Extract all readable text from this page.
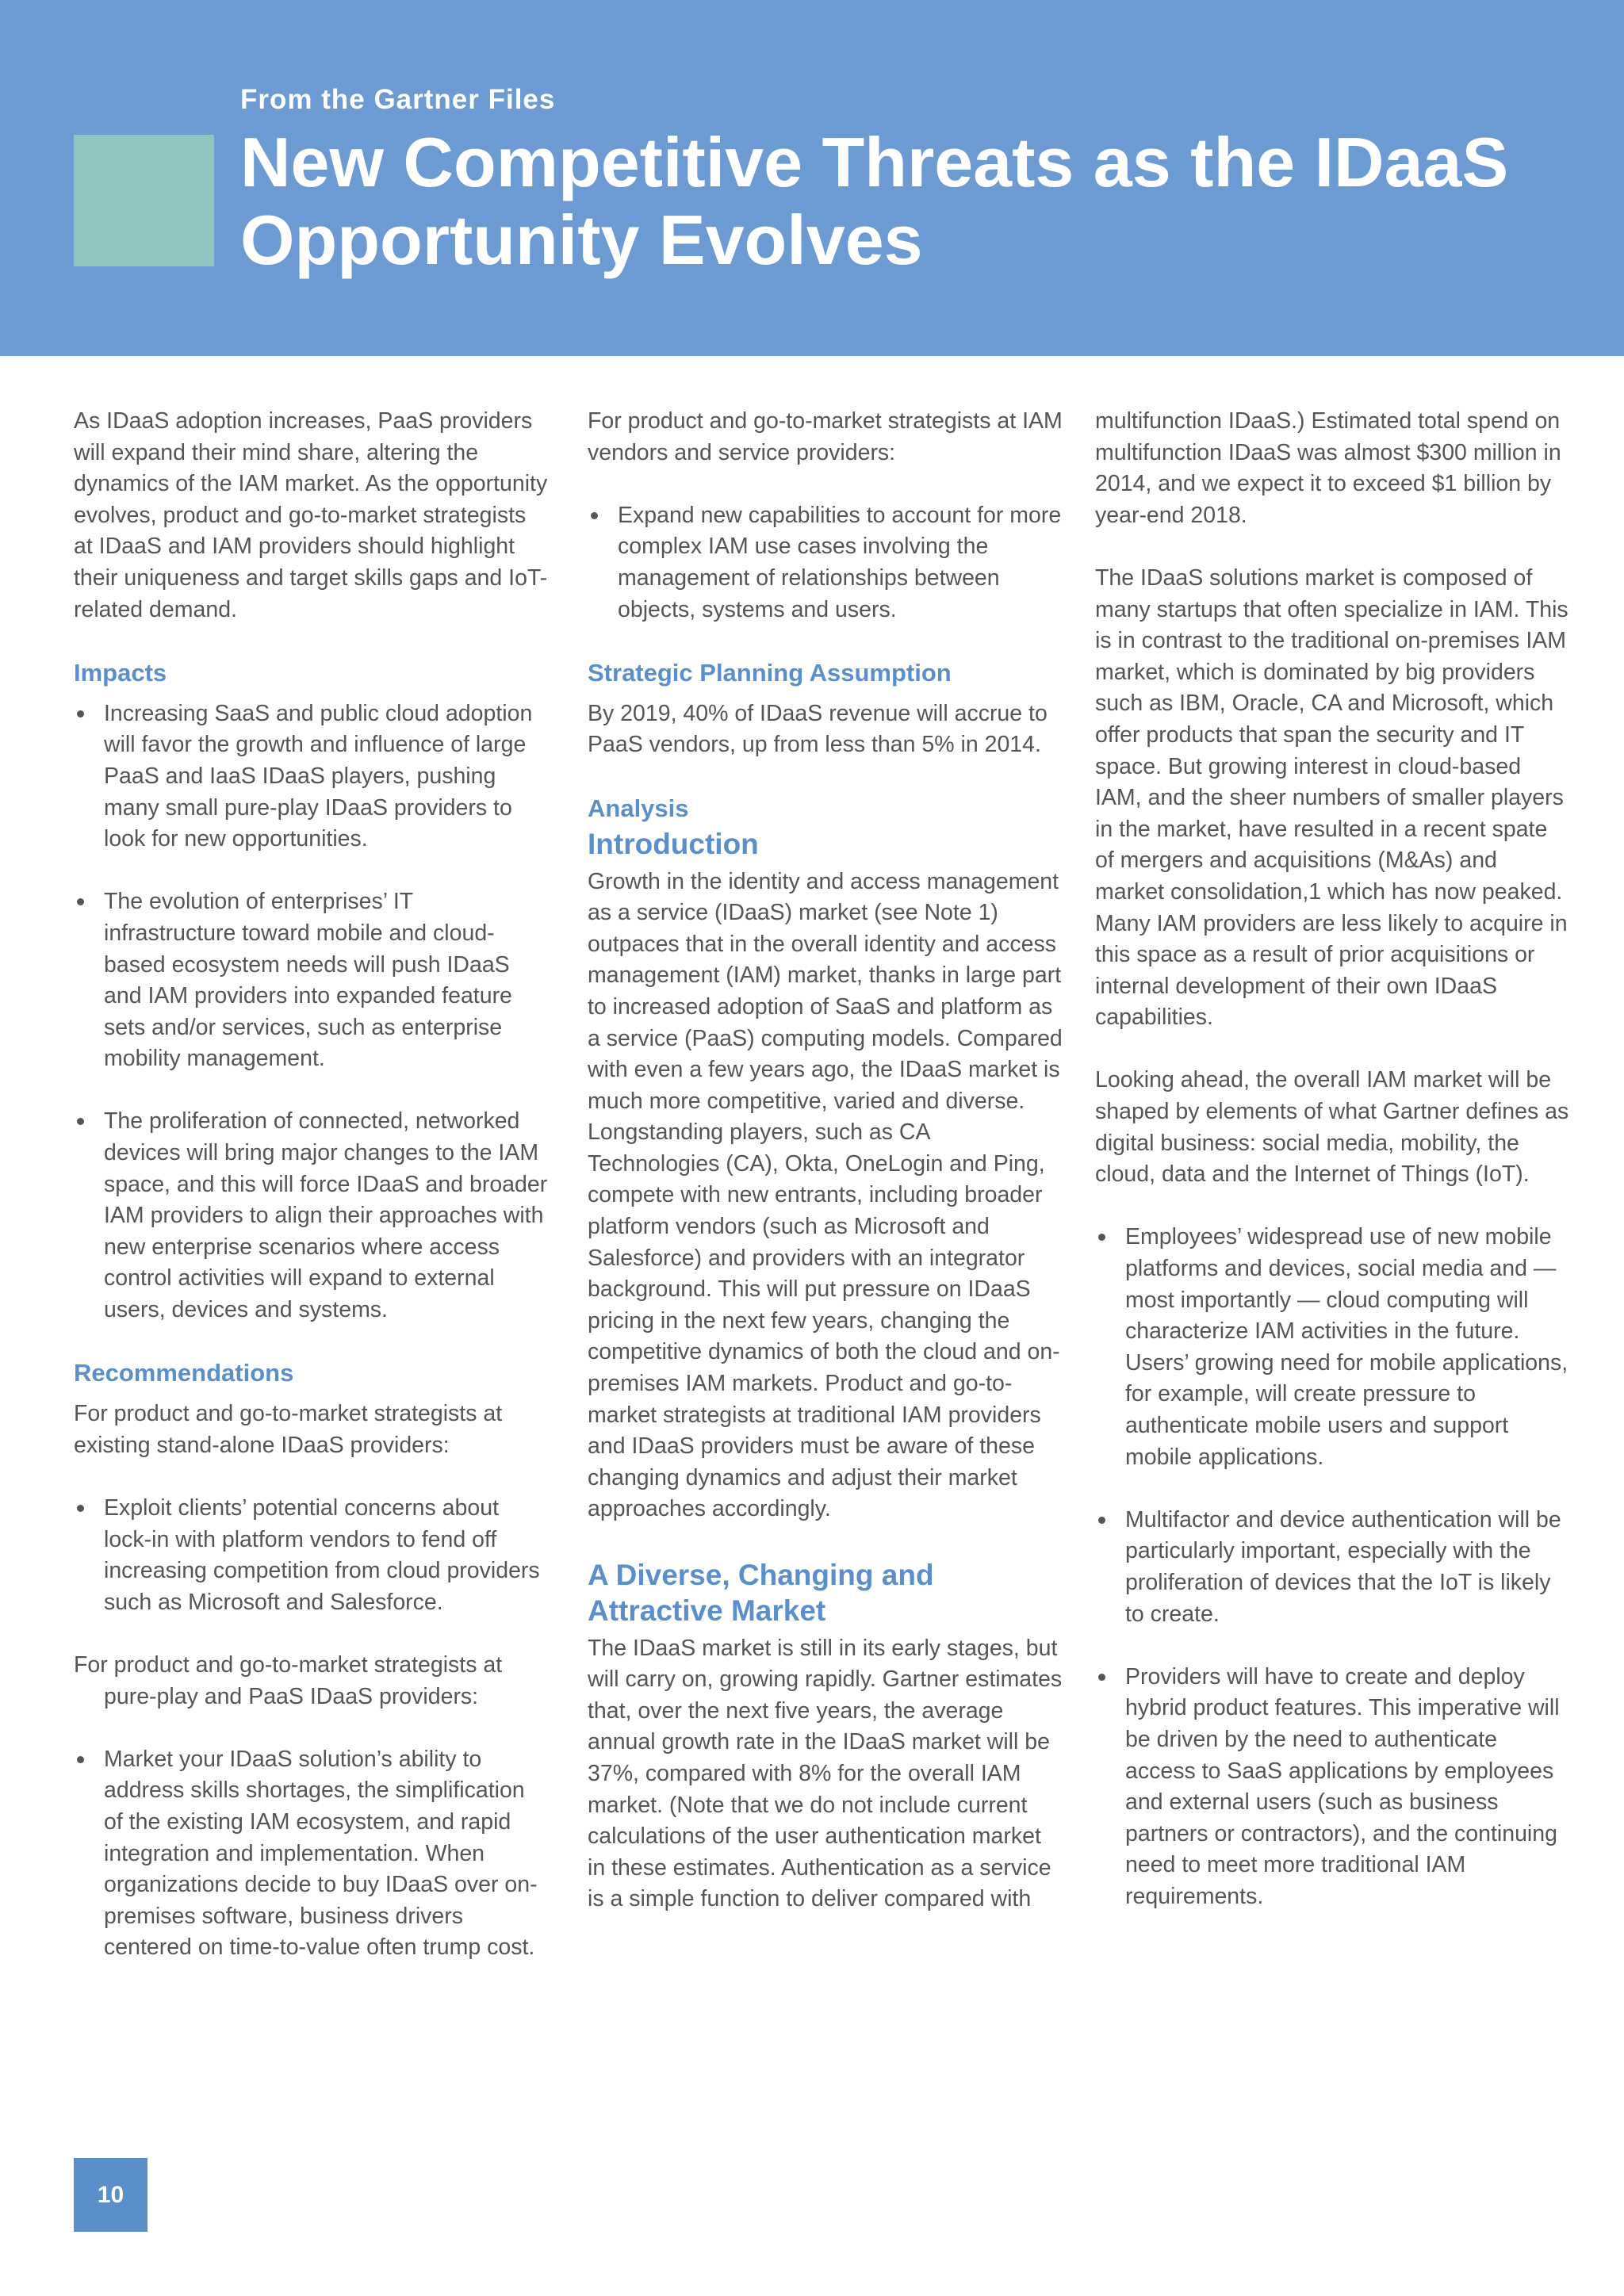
From the Gartner Files
New Competitive Threats as the IDaaS Opportunity Evolves

As IDaaS adoption increases, PaaS providers will expand their mind share, altering the dynamics of the IAM market. As the opportunity evolves, product and go-to-market strategists at IDaaS and IAM providers should highlight their uniqueness and target skills gaps and IoT-related demand.

Impacts
Increasing SaaS and public cloud adoption will favor the growth and influence of large PaaS and IaaS IDaaS players, pushing many small pure-play IDaaS providers to look for new opportunities.
The evolution of enterprises’ IT infrastructure toward mobile and cloud-based ecosystem needs will push IDaaS and IAM providers into expanded feature sets and/or services, such as enterprise mobility management.
The proliferation of connected, networked devices will bring major changes to the IAM space, and this will force IDaaS and broader IAM providers to align their approaches with new enterprise scenarios where access control activities will expand to external users, devices and systems.
Recommendations

For product and go-to-market strategists at existing stand-alone IDaaS providers:

Exploit clients’ potential concerns about lock-in with platform vendors to fend off increasing competition from cloud providers such as Microsoft and Salesforce.

For product and go-to-market strategists at pure-play and PaaS IDaaS providers:

Market your IDaaS solution’s ability to address skills shortages, the simplification of the existing IAM ecosystem, and rapid integration and implementation. When organizations decide to buy IDaaS over on-premises software, business drivers centered on time-to-value often trump cost.

For product and go-to-market strategists at IAM vendors and service providers:

Expand new capabilities to account for more complex IAM use cases involving the management of relationships between objects, systems and users.
Strategic Planning Assumption

By 2019, 40% of IDaaS revenue will accrue to PaaS vendors, up from less than 5% in 2014.

Analysis
Introduction

Growth in the identity and access management as a service (IDaaS) market (see Note 1) outpaces that in the overall identity and access management (IAM) market, thanks in large part to increased adoption of SaaS and platform as a service (PaaS) computing models. Compared with even a few years ago, the IDaaS market is much more competitive, varied and diverse. Longstanding players, such as CA Technologies (CA), Okta, OneLogin and Ping, compete with new entrants, including broader platform vendors (such as Microsoft and Salesforce) and providers with an integrator background. This will put pressure on IDaaS pricing in the next few years, changing the competitive dynamics of both the cloud and on-premises IAM markets. Product and go-to-market strategists at traditional IAM providers and IDaaS providers must be aware of these changing dynamics and adjust their market approaches accordingly.

A Diverse, Changing and Attractive Market

The IDaaS market is still in its early stages, but will carry on, growing rapidly. Gartner estimates that, over the next five years, the average annual growth rate in the IDaaS market will be 37%, compared with 8% for the overall IAM market. (Note that we do not include current calculations of the user authentication market in these estimates. Authentication as a service is a simple function to deliver compared with

multifunction IDaaS.) Estimated total spend on multifunction IDaaS was almost $300 million in 2014, and we expect it to exceed $1 billion by year-end 2018.

The IDaaS solutions market is composed of many startups that often specialize in IAM. This is in contrast to the traditional on-premises IAM market, which is dominated by big providers such as IBM, Oracle, CA and Microsoft, which offer products that span the security and IT space. But growing interest in cloud-based IAM, and the sheer numbers of smaller players in the market, have resulted in a recent spate of mergers and acquisitions (M&As) and market consolidation,1 which has now peaked. Many IAM providers are less likely to acquire in this space as a result of prior acquisitions or internal development of their own IDaaS capabilities.

Looking ahead, the overall IAM market will be shaped by elements of what Gartner defines as digital business: social media, mobility, the cloud, data and the Internet of Things (IoT).

Employees’ widespread use of new mobile platforms and devices, social media and — most importantly — cloud computing will characterize IAM activities in the future. Users’ growing need for mobile applications, for example, will create pressure to authenticate mobile users and support mobile applications.
Multifactor and device authentication will be particularly important, especially with the proliferation of devices that the IoT is likely to create.
Providers will have to create and deploy hybrid product features. This imperative will be driven by the need to authenticate access to SaaS applications by employees and external users (such as business partners or contractors), and the continuing need to meet more traditional IAM requirements.
10
